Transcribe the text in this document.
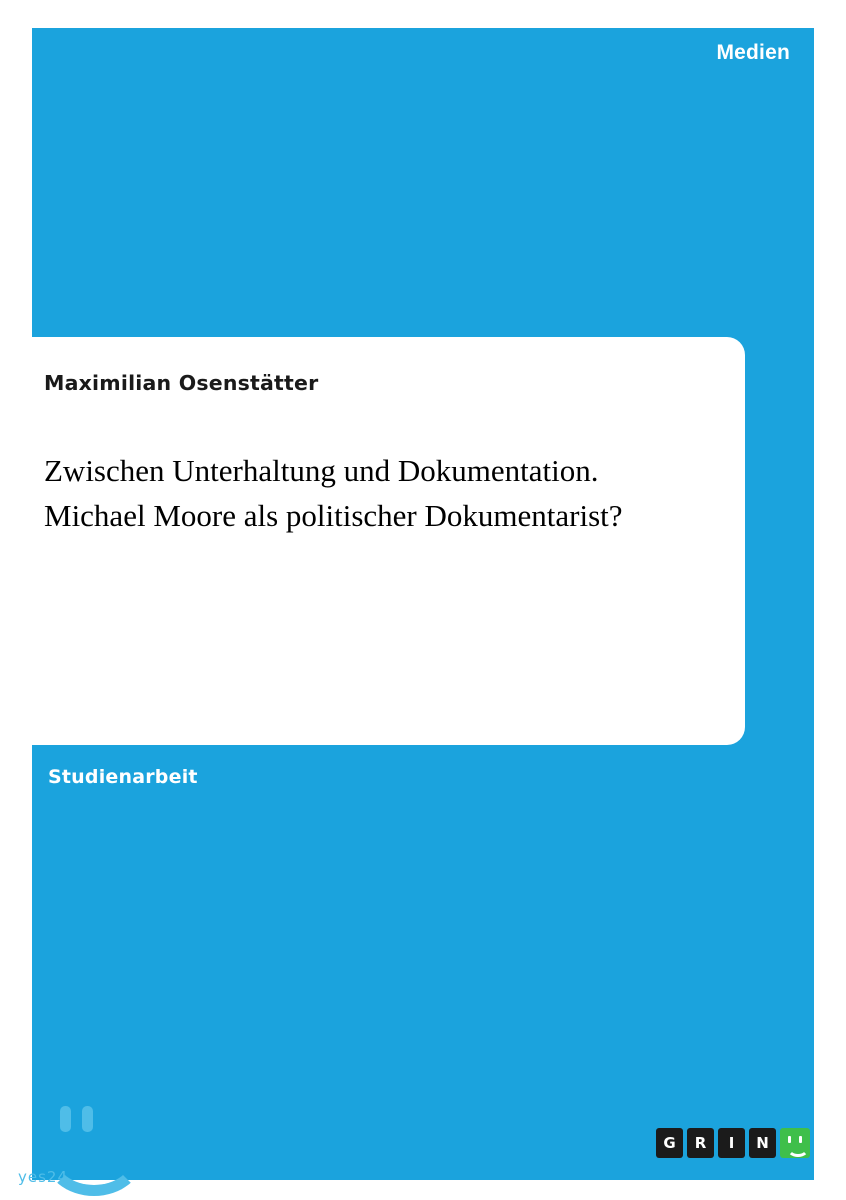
Medien

Maximilian Osenstätter

Zwischen Unterhaltung und Dokumentation. Michael Moore als politischer Dokumentarist?
Studienarbeit
yes24
G	R	I	N
